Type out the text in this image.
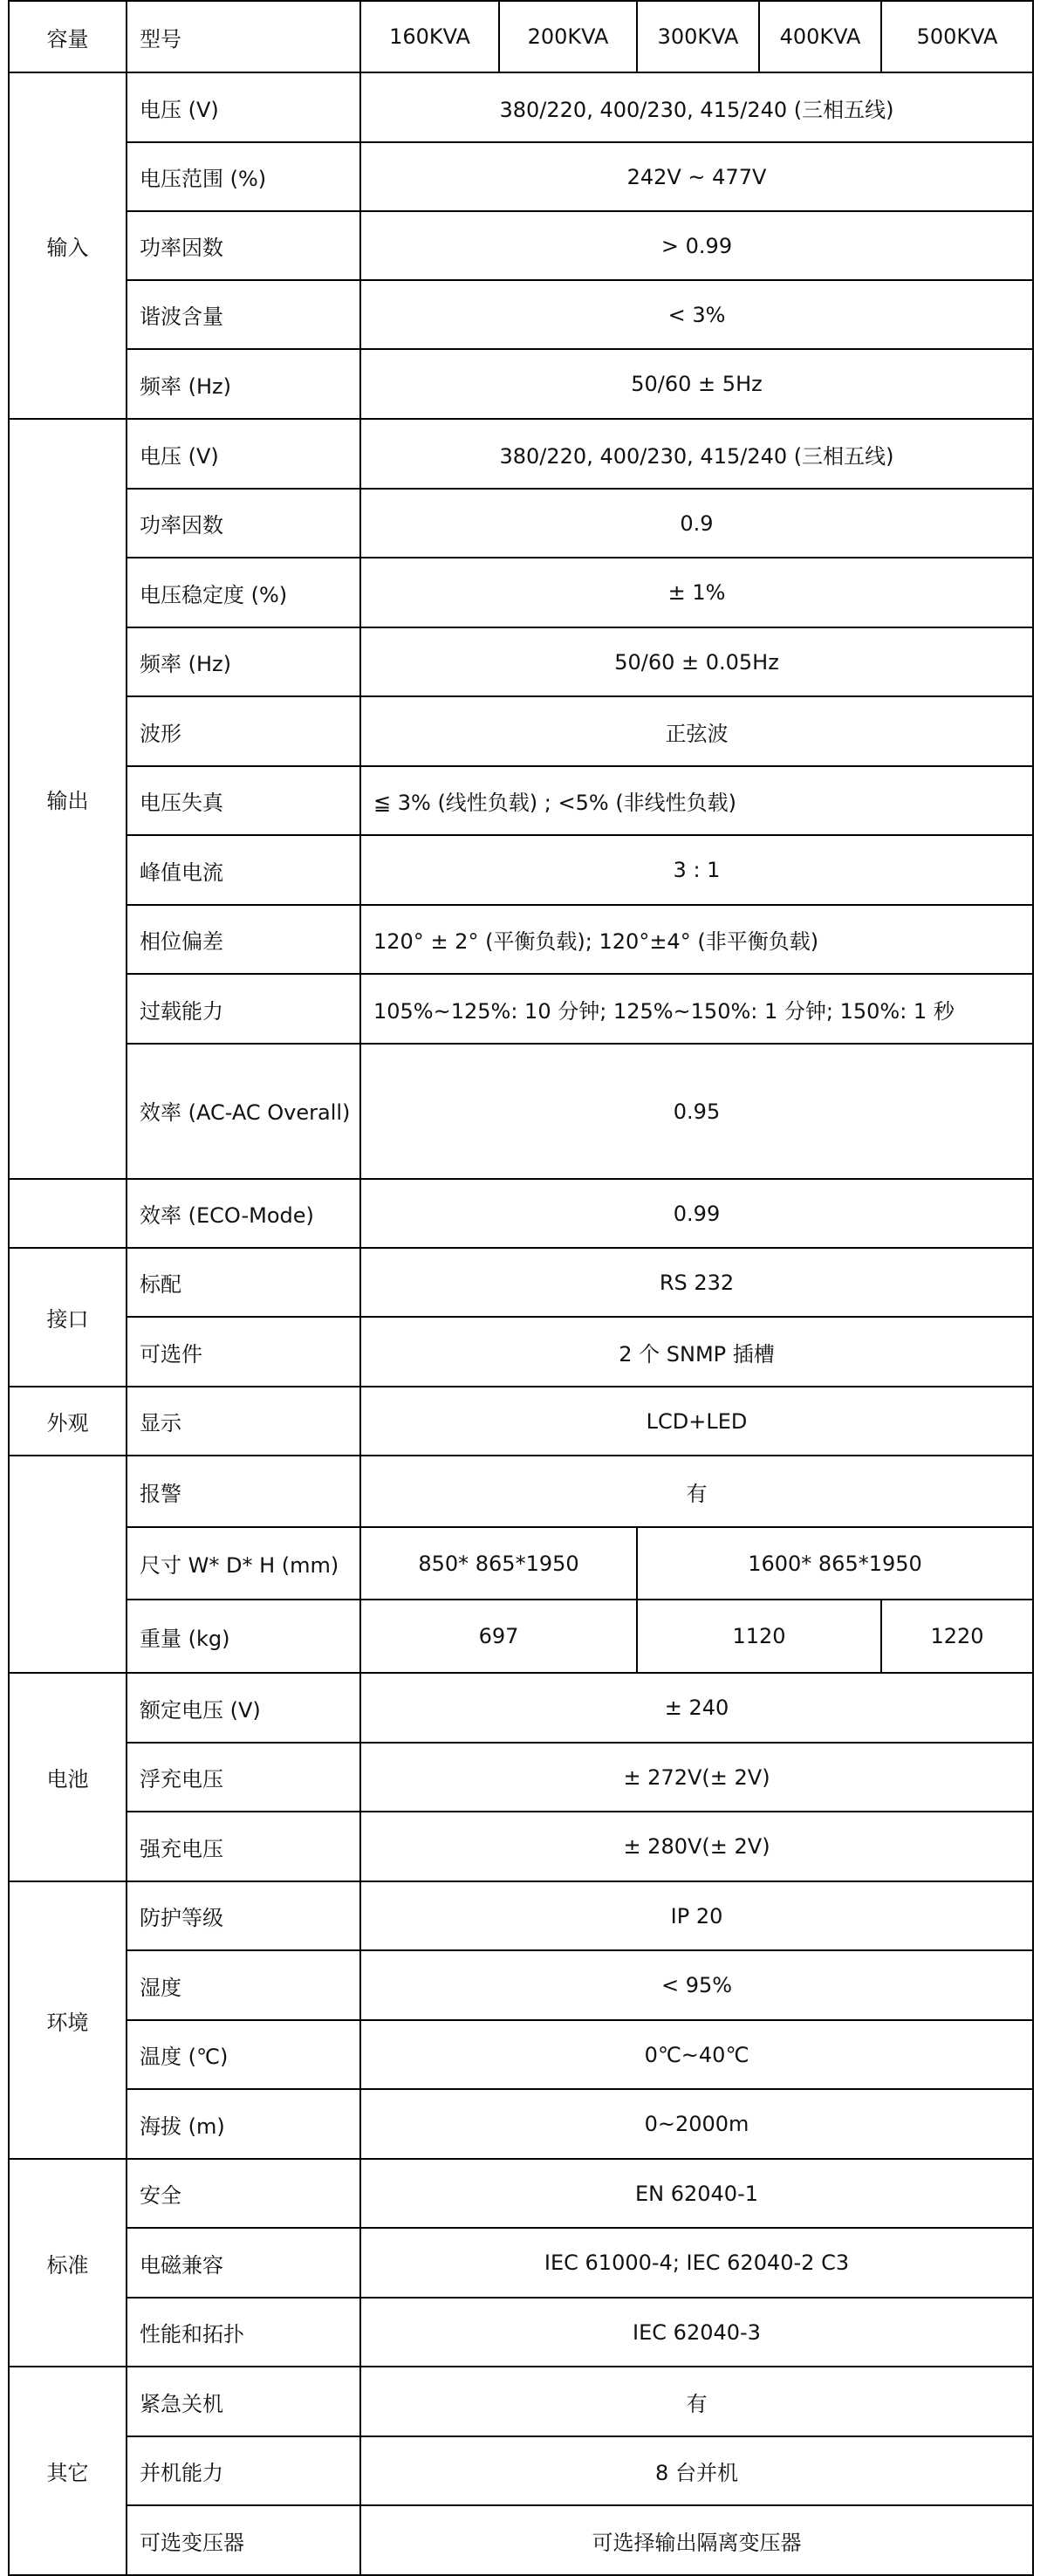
容量	型号	160KVA	200KVA	300KVA	400KVA	500KVA
输入	电压 (V)	380/220, 400/230, 415/240 (三相五线)				
	电压范围 (%)	242V ~ 477V				
	功率因数	> 0.99				
	谐波含量	< 3%				
	频率 (Hz)	50/60 ± 5Hz				
输出	电压 (V)	380/220, 400/230, 415/240 (三相五线)				
	功率因数	0.9				
	电压稳定度 (%)	± 1%				
	频率 (Hz)	50/60 ± 0.05Hz				
	波形	正弦波				
	电压失真	≦ 3% (线性负载) ; <5% (非线性负载)				
	峰值电流	3 : 1				
	相位偏差	120° ± 2° (平衡负载); 120°±4° (非平衡负载)				
	过载能力	105%~125%: 10 分钟; 125%~150%: 1 分钟; 150%: 1 秒				
	效率 (AC-AC Overall)	0.95				
	效率 (ECO-Mode)	0.99				
接口	标配	RS 232				
	可选件	2 个 SNMP 插槽				
外观	显示	LCD+LED				
	报警	有				
	尺寸 W* D* H (mm)	850* 865*1950		1600* 865*1950		
	重量 (kg)	697		1120		1220
电池	额定电压 (V)	± 240				
	浮充电压	± 272V(± 2V)				
	强充电压	± 280V(± 2V)				
环境	防护等级	IP 20				
	湿度	< 95%				
	温度 (℃)	0℃~40℃				
	海拔 (m)	0~2000m				
标准	安全	EN 62040-1				
	电磁兼容	IEC 61000-4; IEC 62040-2 C3				
	性能和拓扑	IEC 62040-3				
其它	紧急关机	有				
	并机能力	8 台并机				
	可选变压器	可选择输出隔离变压器				
